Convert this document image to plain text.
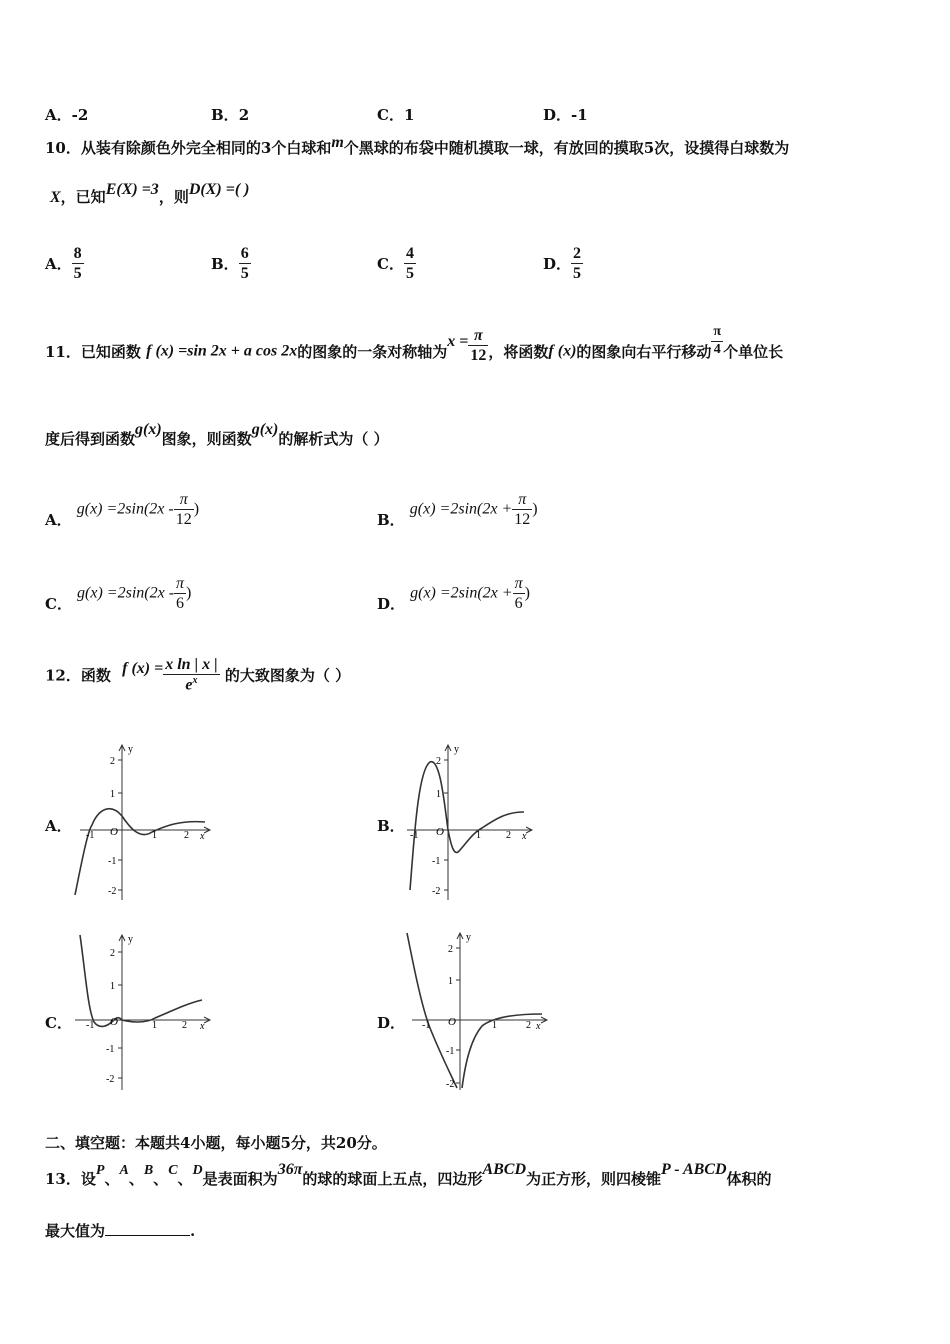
A．-2	B．2	C．1	D．-1
10．从装有除颜色外完全相同的3个白球和m个黑球的布袋中随机摸取一球，有放回的摸取5次，设摸得白球数为
X，已知E(X) =3，则D(X) =( )
A． $\frac{8}{5}$	B． $\frac{6}{5}$	C． $\frac{4}{5}$	D． $\frac{2}{5}$
11．已知函数 f (x) =sin 2x + a cos 2x的图象的一条对称轴为$x = \frac{\pi}{12}$ ，将函数f (x)的图象向右平行移动 $\frac{\pi}{4}$ 个单位长
度后得到函数g(x)图象，则函数g(x)的解析式为（ ）
A． $g(x) =2\sin(2x - \frac{\pi}{12}$ )
B． $g(x) =2\sin(2x + \frac{\pi}{12}$ )
C． $g(x) =2\sin(2x - \frac{\pi}{6}$ )
D． $g(x) =2\sin(2x + \frac{\pi}{6}$ )
12．函数 f $(x) = \frac{\text{x ln | x |}}{e^x}$ 的大致图象为（ ）
A．
y
x
O
2
1
-1
-2
-1	1	2
B．
y
x
O
2
1
-1
-2
-1	1	2
C．
y
x
O
2
1
-1
-2
-1	1	2	D．
y
x
O
2
1
-1
-2
-1	1	2
二、填空题：本题共4小题，每小题5分，共20分。
13．设P、A、B、C、D是表面积为36π的球的球面上五点，四边形ABCD为正方形，则四棱锥P - ABCD体积的
最大值为	.
